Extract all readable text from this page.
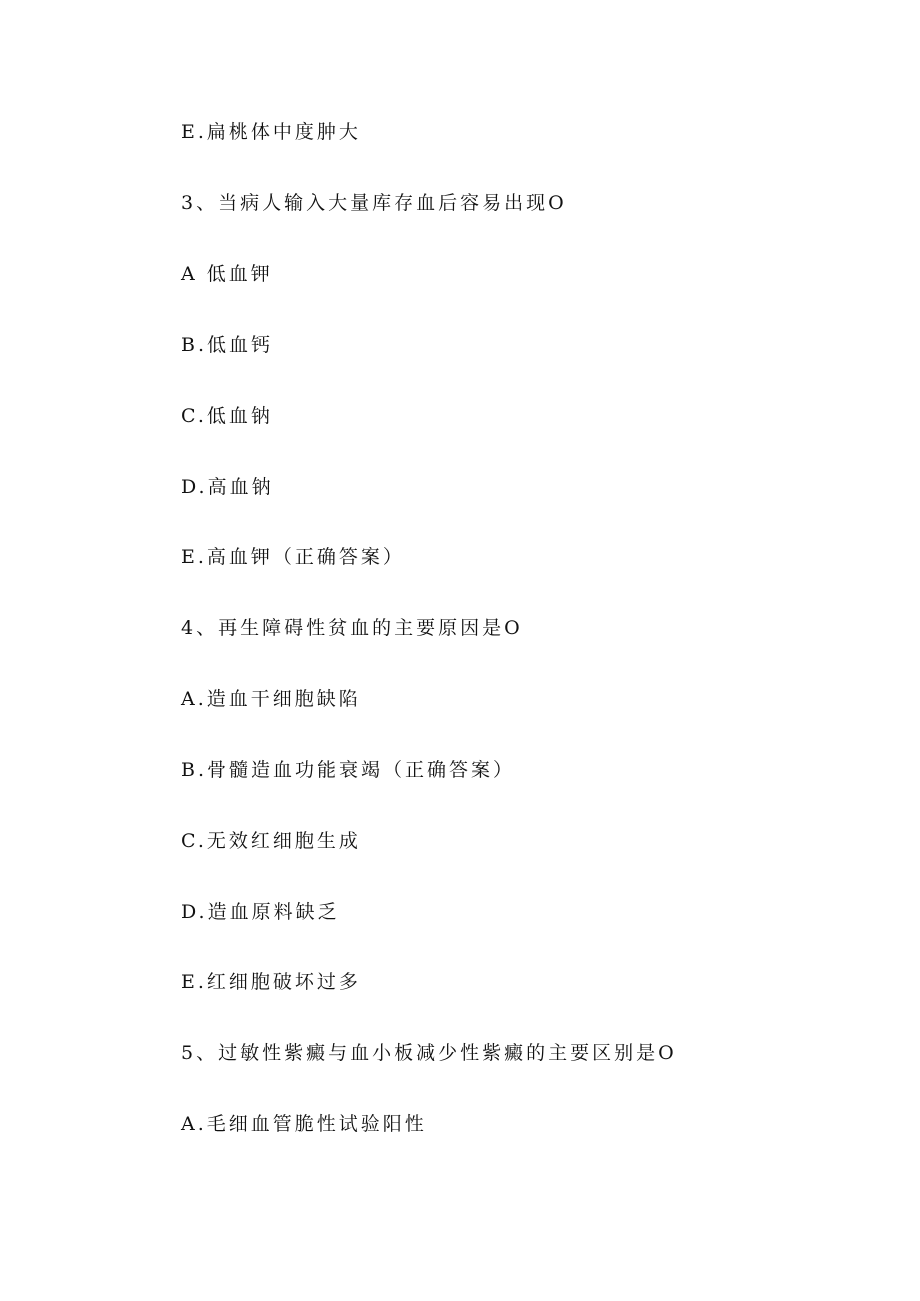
E.扁桃体中度肿大
3、当病人输入大量库存血后容易出现O
A 低血钾
B.低血钙
C.低血钠
D.高血钠
E.高血钾（正确答案）
4、再生障碍性贫血的主要原因是O
A.造血干细胞缺陷
B.骨髓造血功能衰竭（正确答案）
C.无效红细胞生成
D.造血原料缺乏
E.红细胞破坏过多
5、过敏性紫癜与血小板减少性紫癜的主要区别是O
A.毛细血管脆性试验阳性
